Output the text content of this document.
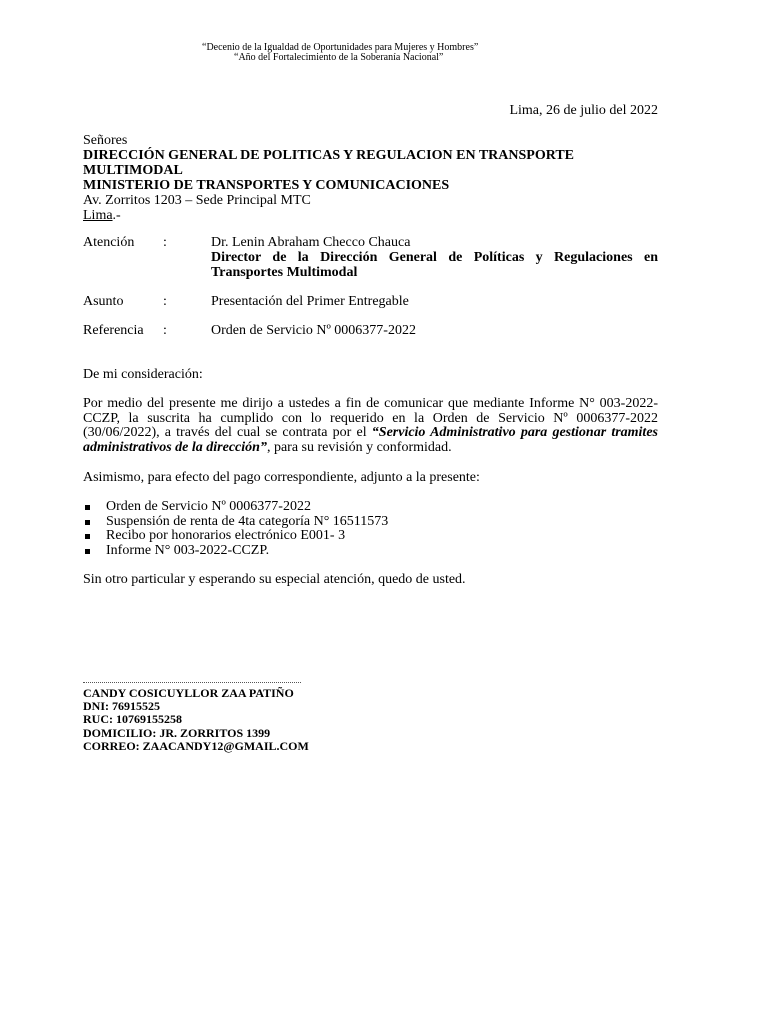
“Decenio de la Igualdad de Oportunidades para Mujeres y Hombres”
“Año del Fortalecimiento de la Soberanía Nacional”
Lima, 26 de julio del 2022
Señores
DIRECCIÓN GENERAL DE POLITICAS Y REGULACION EN TRANSPORTE
MULTIMODAL
MINISTERIO DE TRANSPORTES Y COMUNICACIONES
Av. Zorritos 1203 – Sede Principal MTC
Lima.-
Atención	:	Dr. Lenin Abraham Checco Chauca
Director de la Dirección General de Políticas y Regulaciones en Transportes Multimodal
Asunto	:	Presentación del Primer Entregable
Referencia	:	Orden de Servicio Nº 0006377-2022
De mi consideración:
Por medio del presente me dirijo a ustedes a fin de comunicar que mediante Informe N° 003-2022-CCZP, la suscrita ha cumplido con lo requerido en la Orden de Servicio Nº 0006377-2022 (30/06/2022), a través del cual se contrata por el “Servicio Administrativo para gestionar tramites administrativos de la dirección”, para su revisión y conformidad.
Asimismo, para efecto del pago correspondiente, adjunto a la presente:
Orden de Servicio Nº 0006377-2022
Suspensión de renta de 4ta categoría N° 16511573
Recibo por honorarios electrónico E001- 3
Informe N° 003-2022-CCZP.
Sin otro particular y esperando su especial atención, quedo de usted.
CANDY COSICUYLLOR ZAA PATIÑO
DNI: 76915525
RUC: 10769155258
DOMICILIO: JR. ZORRITOS 1399
CORREO: ZAACANDY12@GMAIL.COM
